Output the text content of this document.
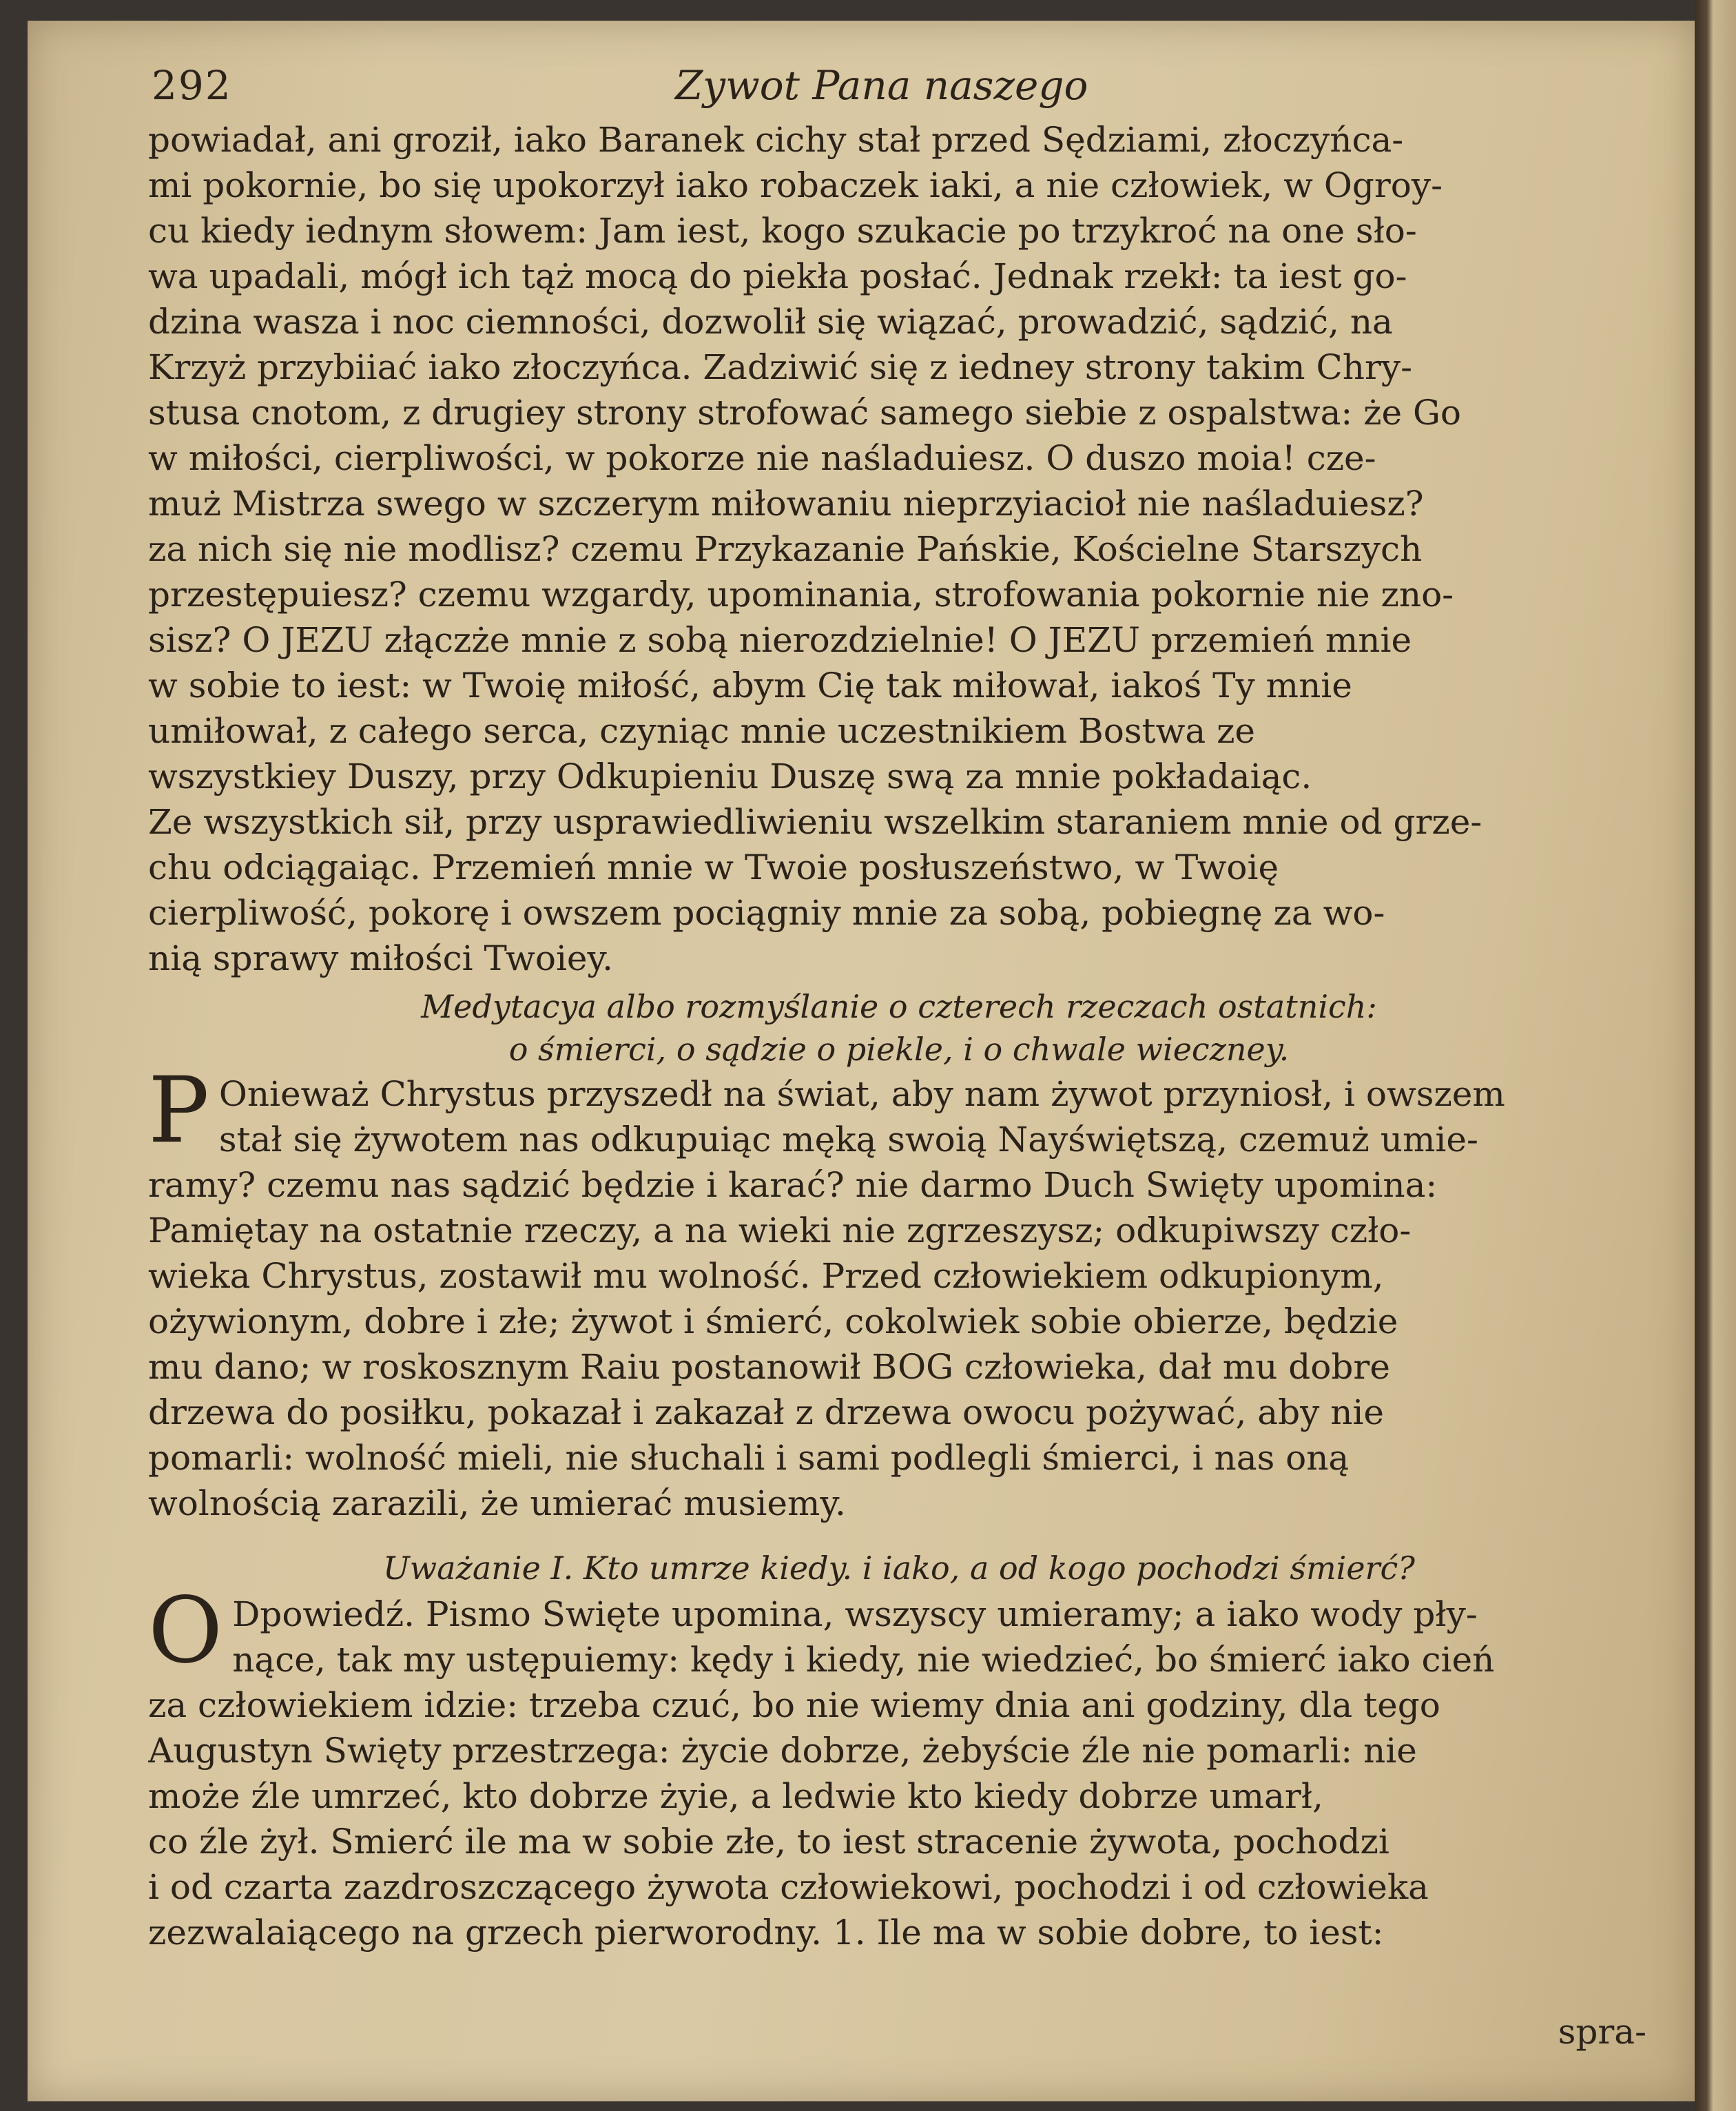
292	Zywot Pana naszego
powiadał, ani groził, iako Baranek cichy stał przed Sędziami, złoczyńca-
mi pokornie, bo się upokorzył iako robaczek iaki, a nie człowiek, w Ogroy-
cu kiedy iednym słowem: Jam iest, kogo szukacie po trzykroć na one sło-
wa upadali, mógł ich tąż mocą do piekła posłać. Jednak rzekł: ta iest go-
dzina wasza i noc ciemności, dozwolił się wiązać, prowadzić, sądzić, na
Krzyż przybiiać iako złoczyńca. Zadziwić się z iedney strony takim Chry-
stusa cnotom, z drugiey strony strofować samego siebie z ospalstwa: że Go
w miłości, cierpliwości, w pokorze nie naśladuiesz. O duszo moia! cze-
muż Mistrza swego w szczerym miłowaniu nieprzyiacioł nie naśladuiesz?
za nich się nie modlisz? czemu Przykazanie Pańskie, Kościelne Starszych
przestępuiesz? czemu wzgardy, upominania, strofowania pokornie nie zno-
sisz? O JEZU złączże mnie z sobą nierozdzielnie! O JEZU przemień mnie
w sobie to iest: w Twoię miłość, abym Cię tak miłował, iakoś Ty mnie
umiłował, z całego serca, czyniąc mnie uczestnikiem Bostwa ze
wszystkiey Duszy, przy Odkupieniu Duszę swą za mnie pokładaiąc.
Ze wszystkich sił, przy usprawiedliwieniu wszelkim staraniem mnie od grze-
chu odciągaiąc. Przemień mnie w Twoie posłuszeństwo, w Twoię
cierpliwość, pokorę i owszem pociągniy mnie za sobą, pobiegnę za wo-
nią sprawy miłości Twoiey.
Medytacya albo rozmyślanie o czterech rzeczach ostatnich:
o śmierci, o sądzie o piekle, i o chwale wieczney.
P Onieważ Chrystus przyszedł na świat, aby nam żywot przyniosł, i owszem
stał się żywotem nas odkupuiąc męką swoią Nayświętszą, czemuż umie-
ramy? czemu nas sądzić będzie i karać? nie darmo Duch Swięty upomina:
Pamiętay na ostatnie rzeczy, a na wieki nie zgrzeszysz; odkupiwszy czło-
wieka Chrystus, zostawił mu wolność. Przed człowiekiem odkupionym,
ożywionym, dobre i złe; żywot i śmierć, cokolwiek sobie obierze, będzie
mu dano; w roskosznym Raiu postanowił BOG człowieka, dał mu dobre
drzewa do posiłku, pokazał i zakazał z drzewa owocu pożywać, aby nie
pomarli: wolność mieli, nie słuchali i sami podlegli śmierci, i nas oną
wolnością zarazili, że umierać musiemy.
Uważanie I. Kto umrze kiedy. i iako, a od kogo pochodzi śmierć?
O Dpowiedź. Pismo Swięte upomina, wszyscy umieramy; a iako wody pły-
nące, tak my ustępuiemy: kędy i kiedy, nie wiedzieć, bo śmierć iako cień
za człowiekiem idzie: trzeba czuć, bo nie wiemy dnia ani godziny, dla tego
Augustyn Swięty przestrzega: życie dobrze, żebyście źle nie pomarli: nie
może źle umrzeć, kto dobrze żyie, a ledwie kto kiedy dobrze umarł,
co źle żył. Smierć ile ma w sobie złe, to iest stracenie żywota, pochodzi
i od czarta zazdroszczącego żywota człowiekowi, pochodzi i od człowieka
zezwalaiącego na grzech pierworodny. 1. Ile ma w sobie dobre, to iest:
spra-
